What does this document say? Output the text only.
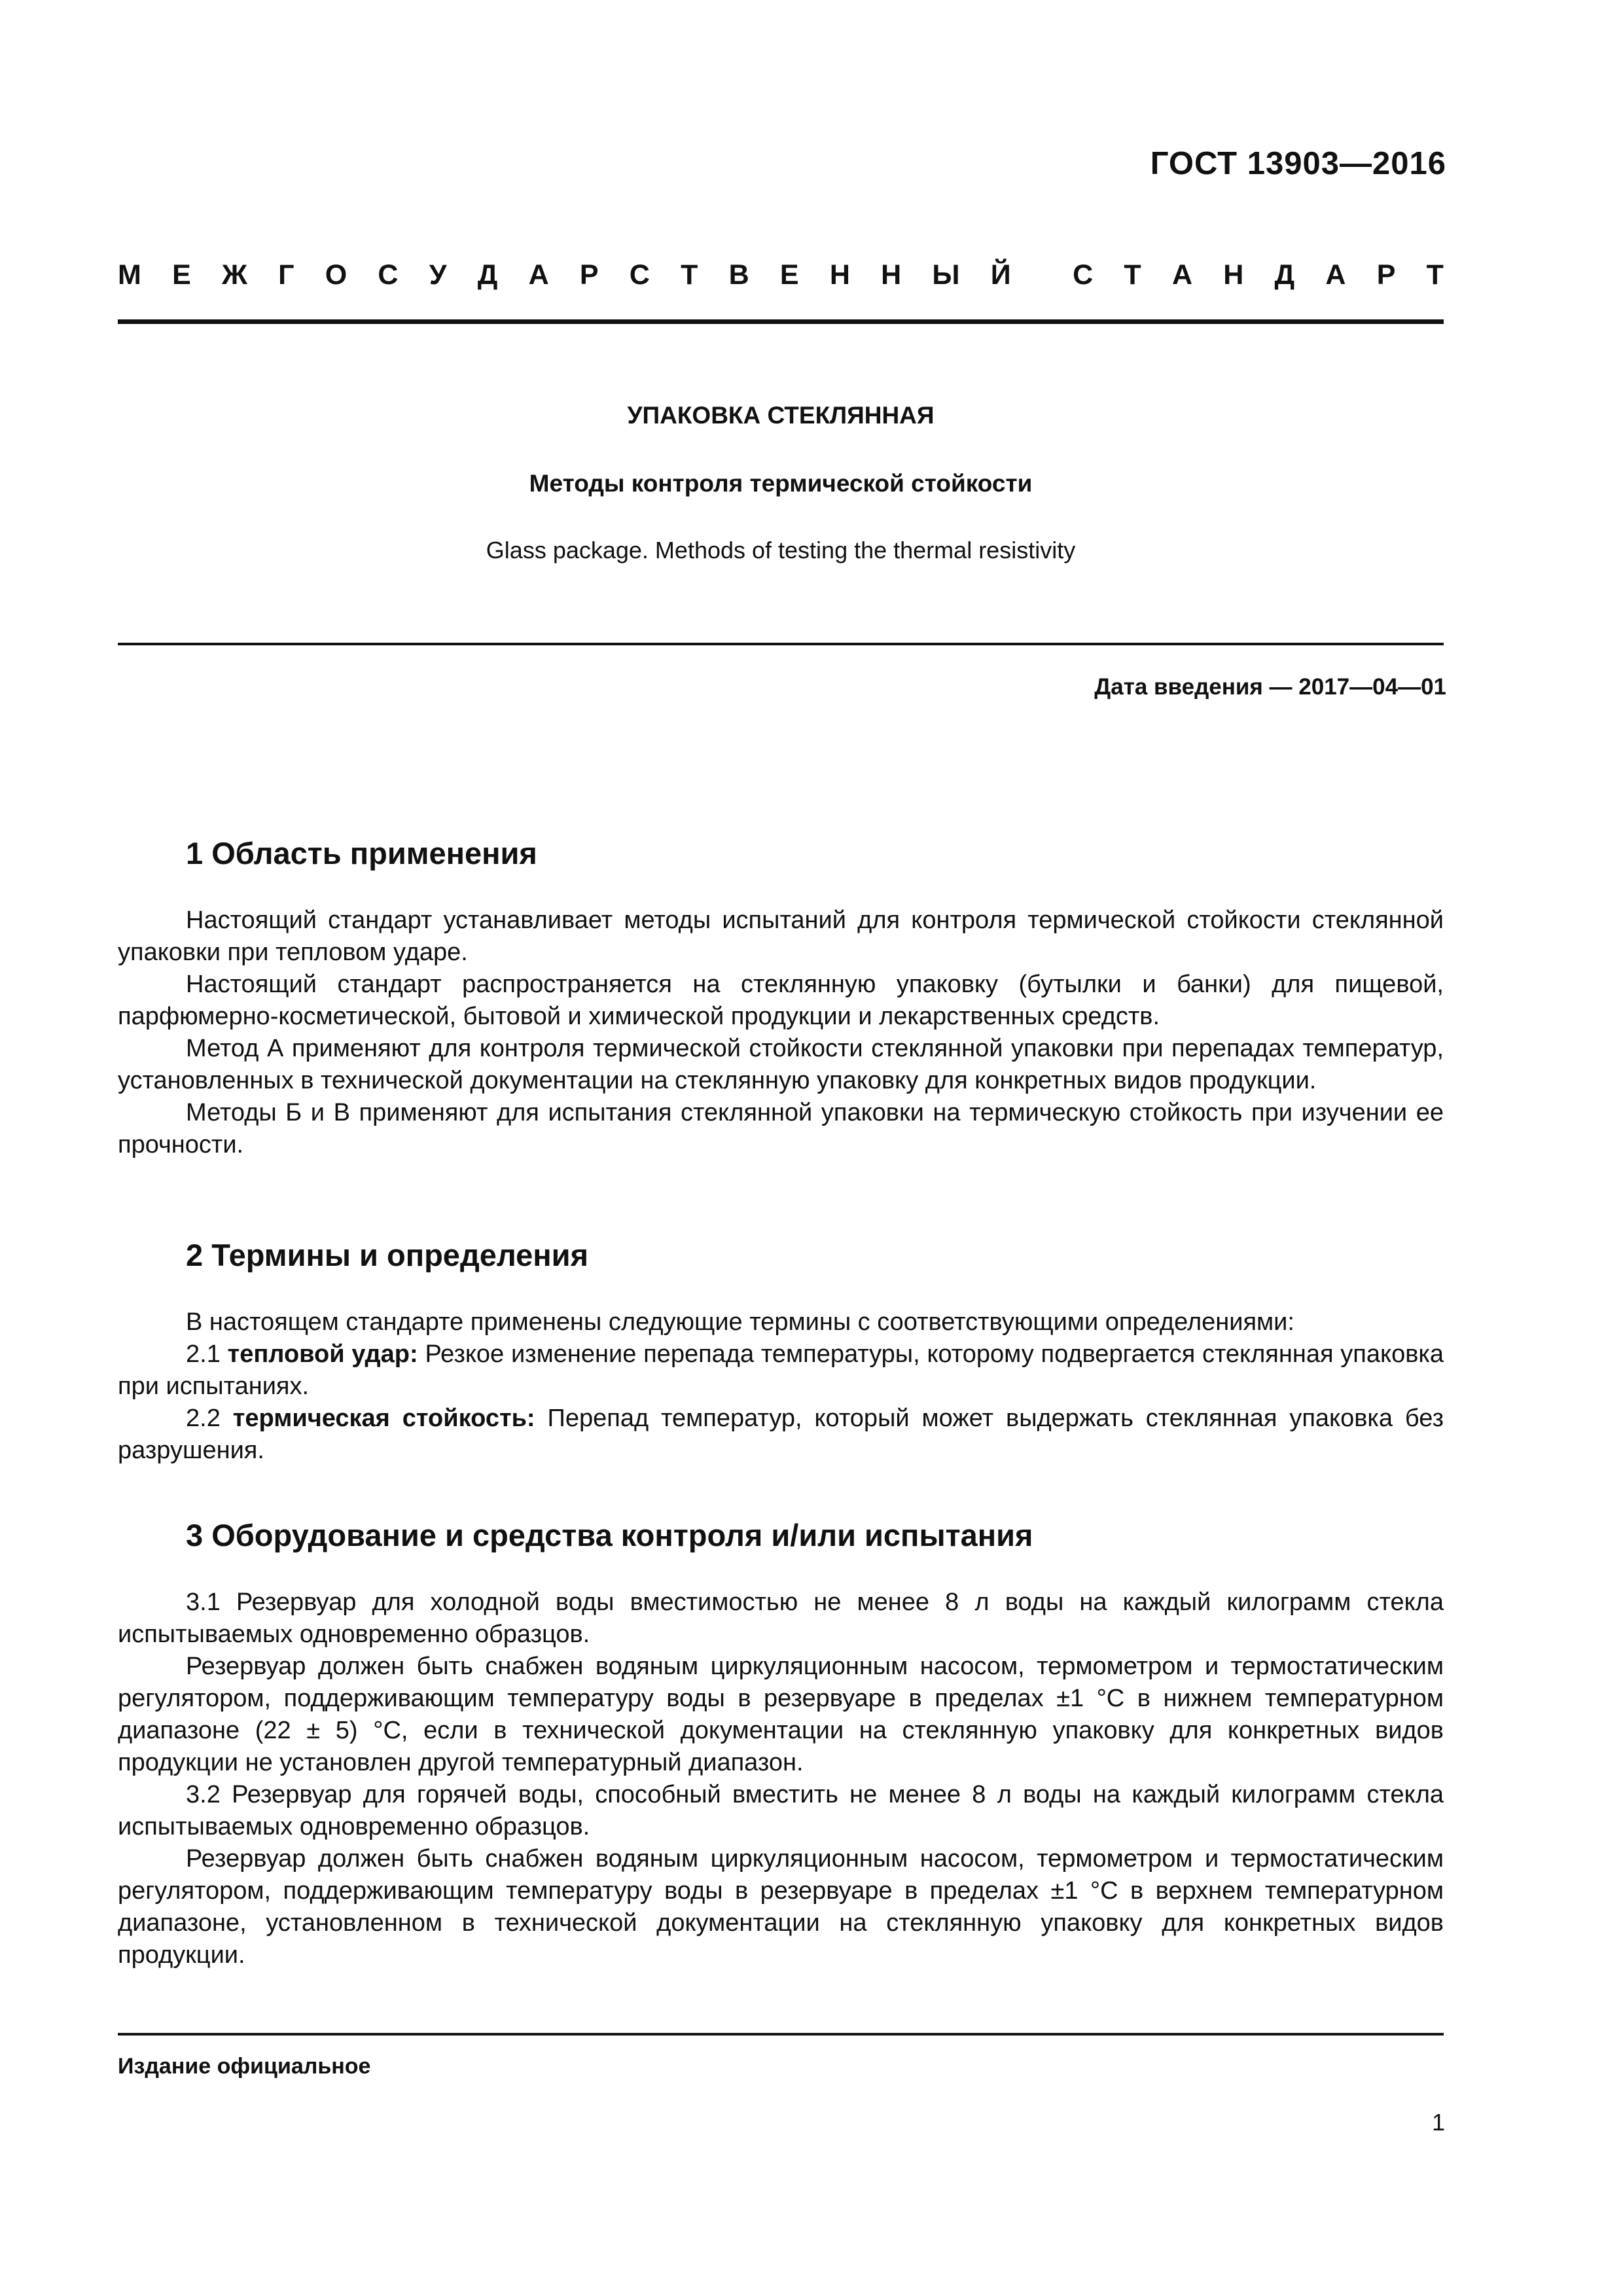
ГОСТ 13903—2016
М Е Ж Г О С У Д А Р С Т В Е Н Н Ы Й С Т А Н Д А Р Т
УПАКОВКА СТЕКЛЯННАЯ
Методы контроля термической стойкости
Glass package. Methods of testing the thermal resistivity
Дата введения — 2017—04—01
1 Область применения

Настоящий стандарт устанавливает методы испытаний для контроля термической стойкости стеклянной упаковки при тепловом ударе.

Настоящий стандарт распространяется на стеклянную упаковку (бутылки и банки) для пищевой, парфюмерно-косметической, бытовой и химической продукции и лекарственных средств.

Метод А применяют для контроля термической стойкости стеклянной упаковки при перепадах температур, установленных в технической документации на стеклянную упаковку для конкретных видов продукции.

Методы Б и В применяют для испытания стеклянной упаковки на термическую стойкость при изучении ее прочности.

2 Термины и определения

В настоящем стандарте применены следующие термины с соответствующими определениями:

2.1 тепловой удар: Резкое изменение перепада температуры, которому подвергается стеклянная упаковка при испытаниях.

2.2 термическая стойкость: Перепад температур, который может выдержать стеклянная упаковка без разрушения.

3 Оборудование и средства контроля и/или испытания

3.1 Резервуар для холодной воды вместимостью не менее 8 л воды на каждый килограмм стекла испытываемых одновременно образцов.

Резервуар должен быть снабжен водяным циркуляционным насосом, термометром и термостатическим регулятором, поддерживающим температуру воды в резервуаре в пределах ±1 °С в нижнем температурном диапазоне (22 ± 5) °С, если в технической документации на стеклянную упаковку для конкретных видов продукции не установлен другой температурный диапазон.

3.2 Резервуар для горячей воды, способный вместить не менее 8 л воды на каждый килограмм стекла испытываемых одновременно образцов.

Резервуар должен быть снабжен водяным циркуляционным насосом, термометром и термостатическим регулятором, поддерживающим температуру воды в резервуаре в пределах ±1 °С в верхнем температурном диапазоне, установленном в технической документации на стеклянную упаковку для конкретных видов продукции.

Издание официальное
1
